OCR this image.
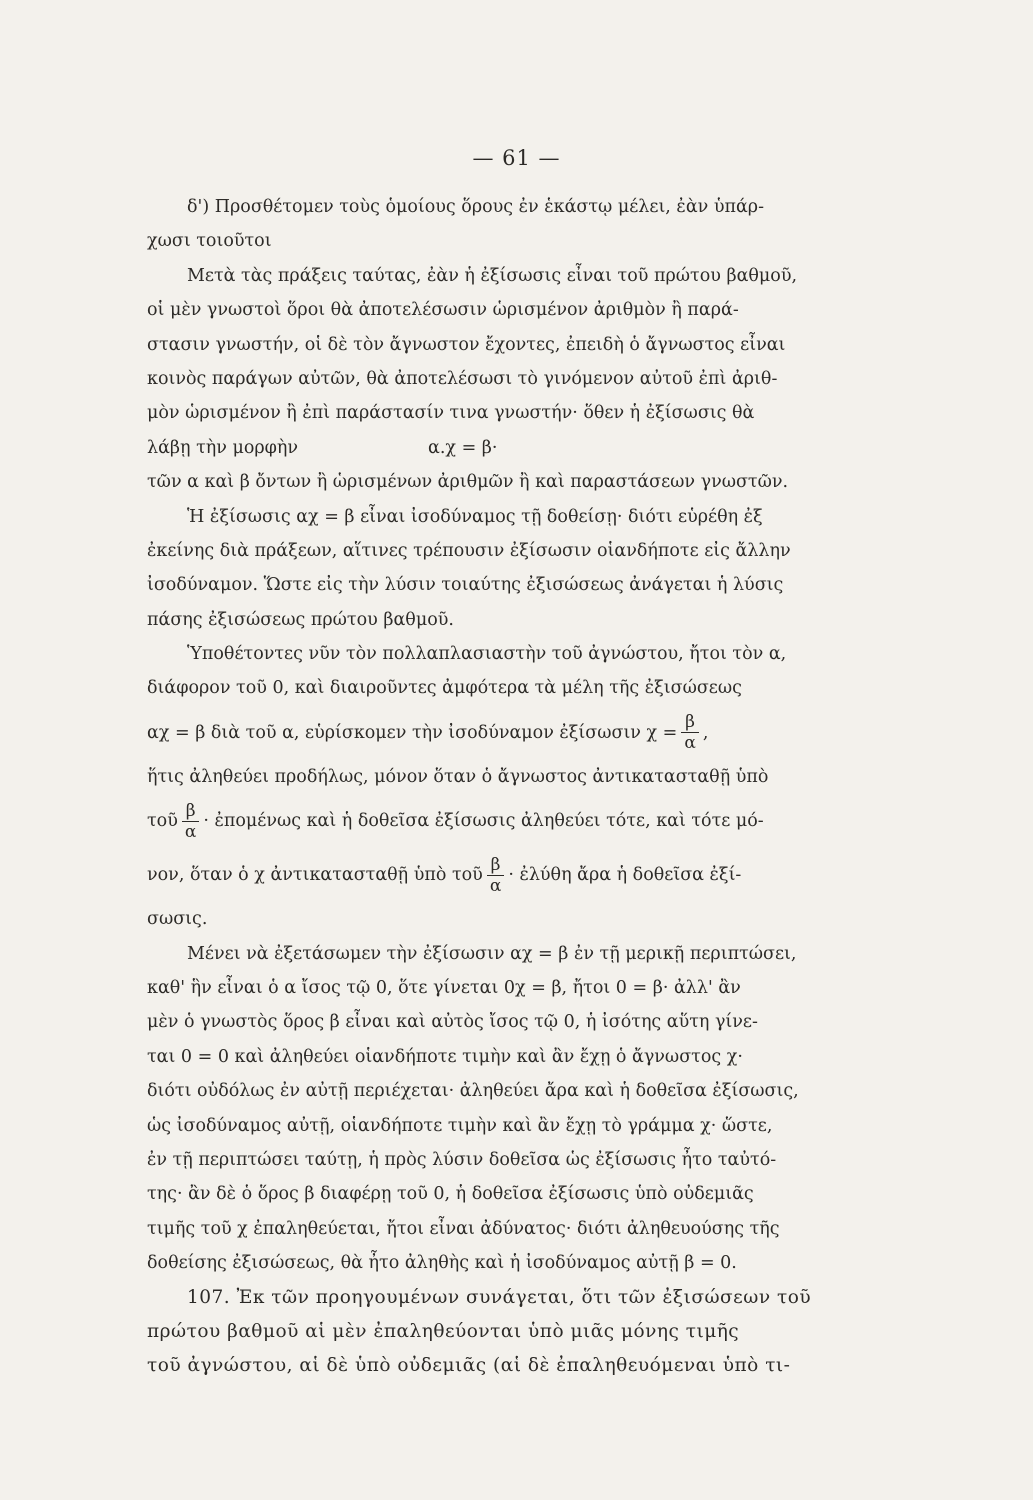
— 61 —
δ') Προσθέτομεν τοὺς ὁμοίους ὅρους ἐν ἑκάστῳ μέλει, ἐὰν ὑπάρ-
χωσι τοιοῦτοι
Μετὰ τὰς πράξεις ταύτας, ἐὰν ἡ ἐξίσωσις εἶναι τοῦ πρώτου βαθμοῦ,
οἱ μὲν γνωστοὶ ὅροι θὰ ἀποτελέσωσιν ὡρισμένον ἀριθμὸν ἢ παρά-
στασιν γνωστήν, οἱ δὲ τὸν ἄγνωστον ἔχοντες, ἐπειδὴ ὁ ἄγνωστος εἶναι
κοινὸς παράγων αὐτῶν, θὰ ἀποτελέσωσι τὸ γινόμενον αὐτοῦ ἐπὶ ἀριθ-
μὸν ὡρισμένον ἢ ἐπὶ παράστασίν τινα γνωστήν· ὅθεν ἡ ἐξίσωσις θὰ
λάβῃ τὴν μορφὴν	α.χ = β·
τῶν α καὶ β ὄντων ἢ ὡρισμένων ἀριθμῶν ἢ καὶ παραστάσεων γνωστῶν.
Ἡ ἐξίσωσις αχ = β εἶναι ἰσοδύναμος τῇ δοθείσῃ· διότι εὑρέθη ἐξ
ἐκείνης διὰ πράξεων, αἵτινες τρέπουσιν ἐξίσωσιν οἱανδήποτε εἰς ἄλλην
ἰσοδύναμον. Ὥστε εἰς τὴν λύσιν τοιαύτης ἐξισώσεως ἀνάγεται ἡ λύσις
πάσης ἐξισώσεως πρώτου βαθμοῦ.
Ὑποθέτοντες νῦν τὸν πολλαπλασιαστὴν τοῦ ἀγνώστου, ἤτοι τὸν α,
διάφορον τοῦ 0, καὶ διαιροῦντες ἀμφότερα τὰ μέλη τῆς ἐξισώσεως
αχ = β διὰ τοῦ α, εὑρίσκομεν τὴν ἰσοδύναμον ἐξίσωσιν $\chi = \frac{\beta}{\alpha}$ ,
ἥτις ἀληθεύει προδήλως, μόνον ὅταν ὁ ἄγνωστος ἀντικατασταθῇ ὑπὸ
τοῦ $\frac{\beta}{\alpha}$ · ἐπομένως καὶ ἡ δοθεῖσα ἐξίσωσις ἀληθεύει τότε, καὶ τότε μό-
νον, ὅταν ὁ χ ἀντικατασταθῇ ὑπὸ τοῦ $\frac{\beta}{\alpha}$ · ἐλύθη ἄρα ἡ δοθεῖσα ἐξί-
σωσις.
Μένει νὰ ἐξετάσωμεν τὴν ἐξίσωσιν αχ = β ἐν τῇ μερικῇ περιπτώσει,
καθ' ἣν εἶναι ὁ α ἴσος τῷ 0, ὅτε γίνεται 0χ = β, ἤτοι 0 = β· ἀλλ' ἂν
μὲν ὁ γνωστὸς ὅρος β εἶναι καὶ αὐτὸς ἴσος τῷ 0, ἡ ἰσότης αὕτη γίνε-
ται 0 = 0 καὶ ἀληθεύει οἱανδήποτε τιμὴν καὶ ἂν ἔχῃ ὁ ἄγνωστος χ·
διότι οὐδόλως ἐν αὐτῇ περιέχεται· ἀληθεύει ἄρα καὶ ἡ δοθεῖσα ἐξίσωσις,
ὡς ἰσοδύναμος αὐτῇ, οἱανδήποτε τιμὴν καὶ ἂν ἔχῃ τὸ γράμμα χ· ὥστε,
ἐν τῇ περιπτώσει ταύτῃ, ἡ πρὸς λύσιν δοθεῖσα ὡς ἐξίσωσις ἦτο ταὐτό-
της· ἂν δὲ ὁ ὅρος β διαφέρῃ τοῦ 0, ἡ δοθεῖσα ἐξίσωσις ὑπὸ οὐδεμιᾶς
τιμῆς τοῦ χ ἐπαληθεύεται, ἤτοι εἶναι ἀδύνατος· διότι ἀληθευούσης τῆς
δοθείσης ἐξισώσεως, θὰ ἦτο ἀληθὴς καὶ ἡ ἰσοδύναμος αὐτῇ β = 0.
107. Ἐκ τῶν προηγουμένων συνάγεται, ὅτι τῶν ἐξισώσεων τοῦ
πρώτου βαθμοῦ αἱ μὲν ἐπαληθεύονται ὑπὸ μιᾶς μόνης τιμῆς
τοῦ ἀγνώστου, αἱ δὲ ὑπὸ οὐδεμιᾶς (αἱ δὲ ἐπαληθευόμεναι ὑπὸ τι-
